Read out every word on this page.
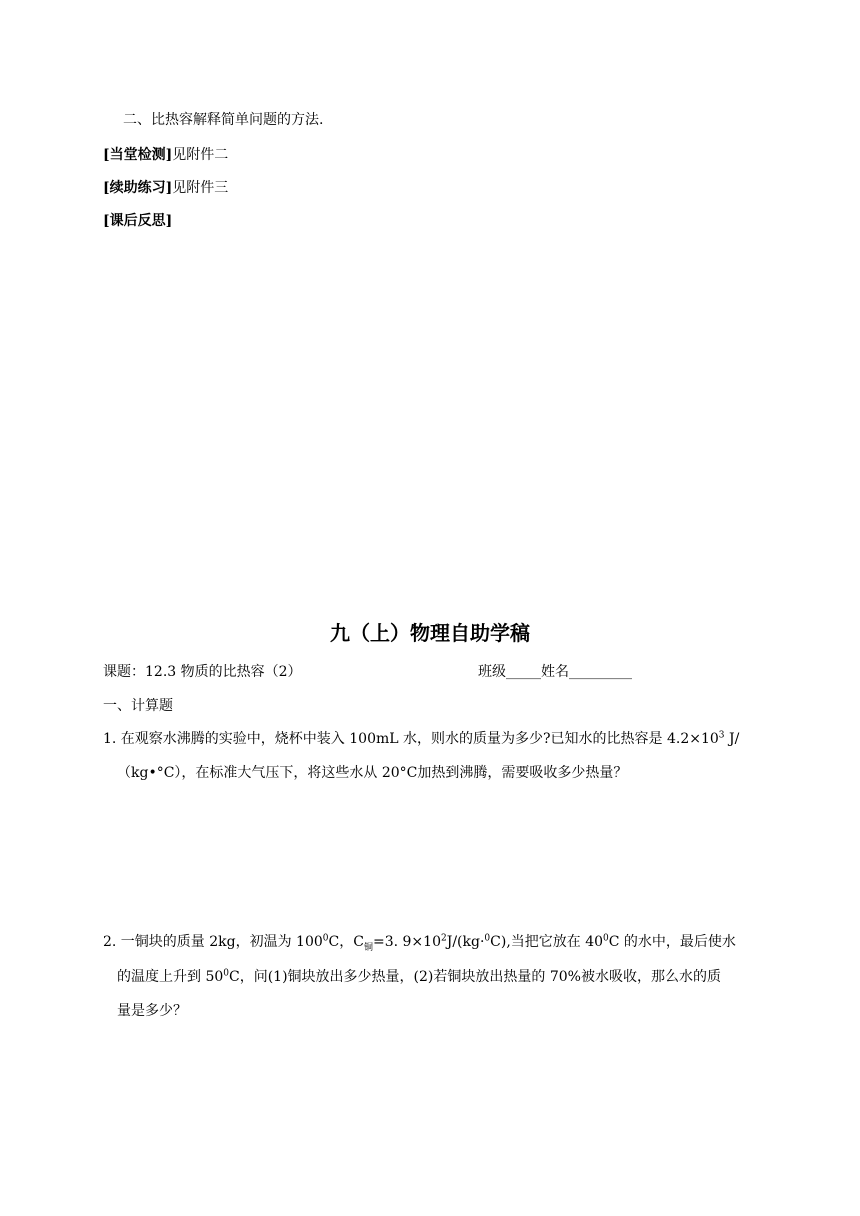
二、比热容解释简单问题的方法.
[当堂检测]见附件二
[续助练习]见附件三
[课后反思]
九（上）物理自助学稿
课题：12.3 物质的比热容（2）	班级_____姓名_________
一、计算题
1. 在观察水沸腾的实验中，烧杯中装入 100mL 水，则水的质量为多少?已知水的比热容是 $4.2\times 10^3$ J/
（kg•°C），在标准大气压下，将这些水从 20°C加热到沸腾，需要吸收多少热量？
2. 一铜块的质量 2kg，初温为 $100^0C$，$C_铜=3$. $9\times 10^2J/(kg\cdot^0C)$,当把它放在 $40^0C$ 的水中，最后使水
的温度上升到 $50^0C$，问(1)铜块放出多少热量，(2)若铜块放出热量的 70%被水吸收，那么水的质
量是多少？
